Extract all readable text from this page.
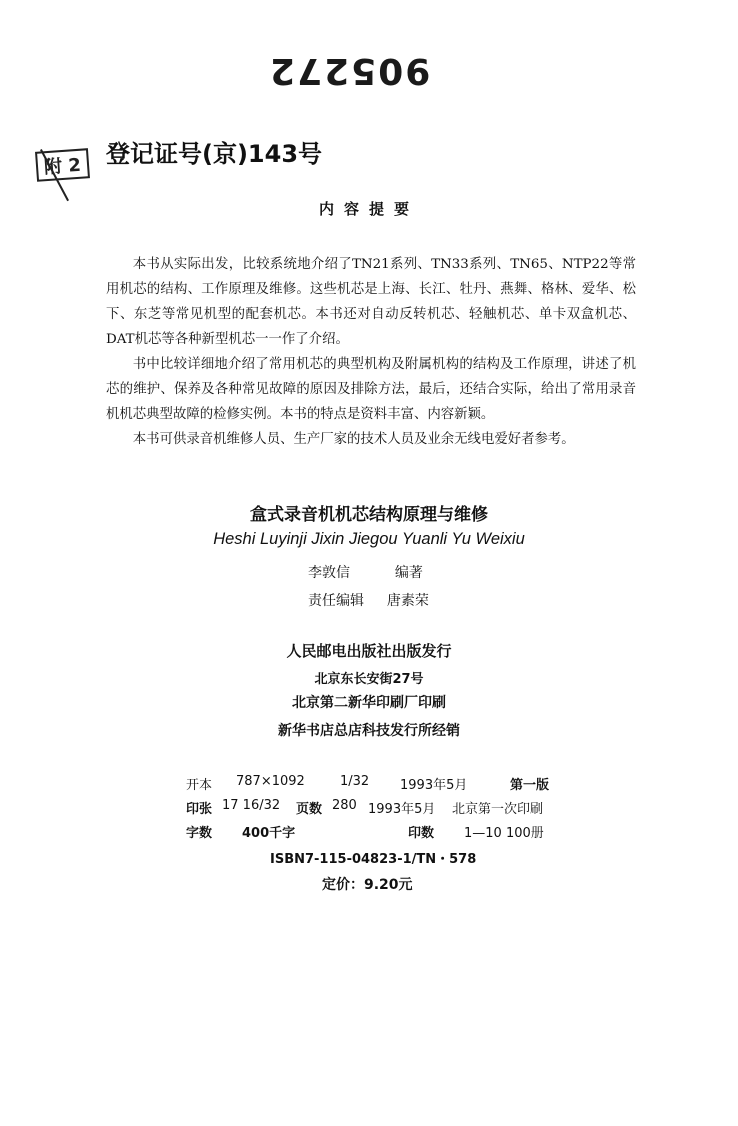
905272
附 2	登记证号(京)143号
内容提要

本书从实际出发，比较系统地介绍了TN21系列、TN33系列、TN65、NTP22等常用机芯的结构、工作原理及维修。这些机芯是上海、长江、牡丹、燕舞、格林、爱华、松下、东芝等常见机型的配套机芯。本书还对自动反转机芯、轻触机芯、单卡双盒机芯、DAT机芯等各种新型机芯一一作了介绍。

书中比较详细地介绍了常用机芯的典型机构及附属机构的结构及工作原理，讲述了机芯的维护、保养及各种常见故障的原因及排除方法，最后，还结合实际，给出了常用录音机机芯典型故障的检修实例。本书的特点是资料丰富、内容新颖。

本书可供录音机维修人员、生产厂家的技术人员及业余无线电爱好者参考。

盒式录音机机芯结构原理与维修
Heshi Luyinji Jixin Jiegou Yuanli Yu Weixiu
李敦信	编著
责任编辑 唐素荣
人民邮电出版社出版发行
北京东长安街27号
北京第二新华印刷厂印刷
新华书店总店科技发行所经销
开本 787×1092	1/32 1993年5月	第一版
印张 17 16/32 页数 280 1993年5月 北京第一次印刷
字数 400千字	印数 1—10 100册
ISBN7-115-04823-1/TN・578
定价：9.20元
